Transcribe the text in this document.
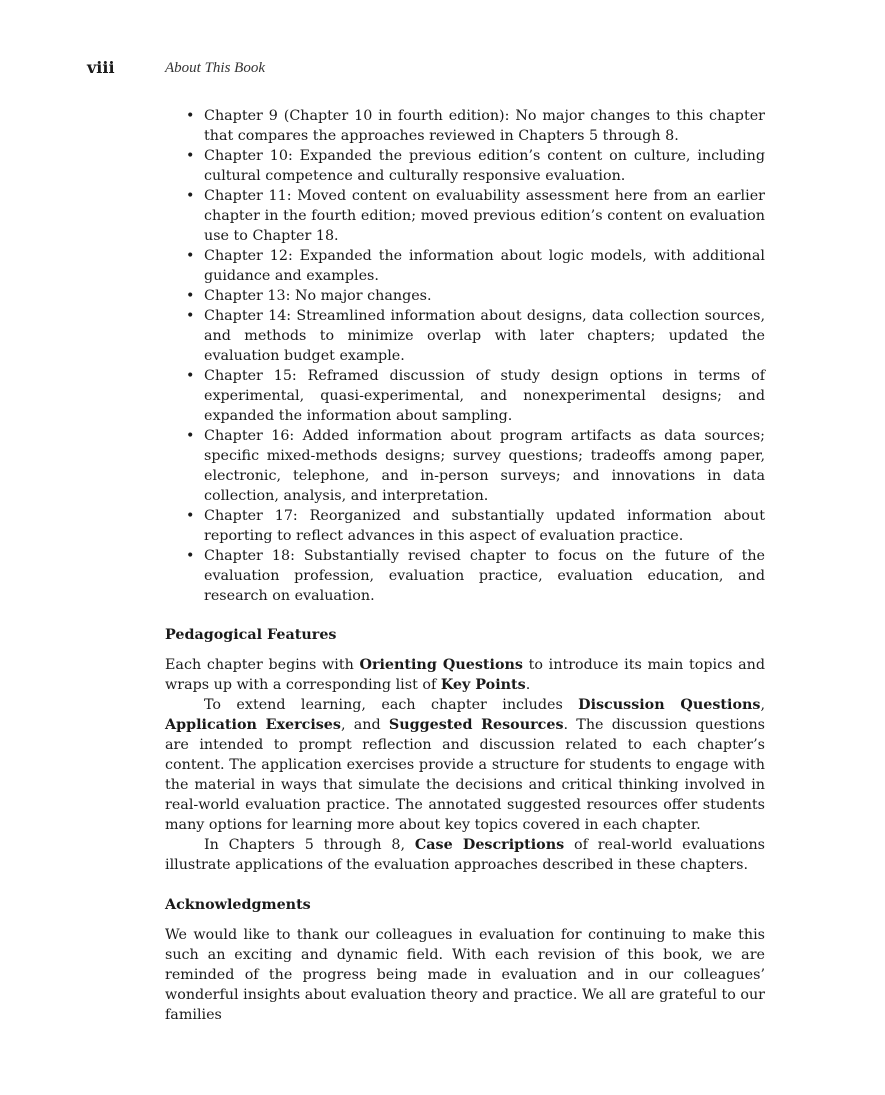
viii	About This Book
• Chapter 9 (Chapter 10 in fourth edition): No major changes to this chapter that compares the approaches reviewed in Chapters 5 through 8.
• Chapter 10: Expanded the previous edition’s content on culture, including cultural competence and culturally responsive evaluation.
• Chapter 11: Moved content on evaluability assessment here from an earlier chapter in the fourth edition; moved previous edition’s content on evaluation use to Chapter 18.
• Chapter 12: Expanded the information about logic models, with additional guidance and examples.
• Chapter 13: No major changes.
• Chapter 14: Streamlined information about designs, data collection sources, and methods to minimize overlap with later chapters; updated the evaluation budget example.
• Chapter 15: Reframed discussion of study design options in terms of experimental, quasi-experimental, and nonexperimental designs; and expanded the information about sampling.
• Chapter 16: Added information about program artifacts as data sources; specific mixed-methods designs; survey questions; tradeoffs among paper, electronic, telephone, and in-person surveys; and innovations in data collection, analysis, and interpretation.
• Chapter 17: Reorganized and substantially updated information about reporting to reflect advances in this aspect of evaluation practice.
• Chapter 18: Substantially revised chapter to focus on the future of the evaluation profession, evaluation practice, evaluation education, and research on evaluation.
Pedagogical Features

Each chapter begins with Orienting Questions to introduce its main topics and wraps up with a corresponding list of Key Points.

To extend learning, each chapter includes Discussion Questions, Application Exercises, and Suggested Resources. The discussion questions are intended to prompt reflection and discussion related to each chapter’s content. The application exercises provide a structure for students to engage with the material in ways that simulate the decisions and critical thinking involved in real-world evaluation practice. The annotated suggested resources offer students many options for learning more about key topics covered in each chapter.

In Chapters 5 through 8, Case Descriptions of real-world evaluations illustrate applications of the evaluation approaches described in these chapters.

Acknowledgments

We would like to thank our colleagues in evaluation for continuing to make this such an exciting and dynamic field. With each revision of this book, we are reminded of the progress being made in evaluation and in our colleagues’ wonderful insights about evaluation theory and practice. We all are grateful to our families
